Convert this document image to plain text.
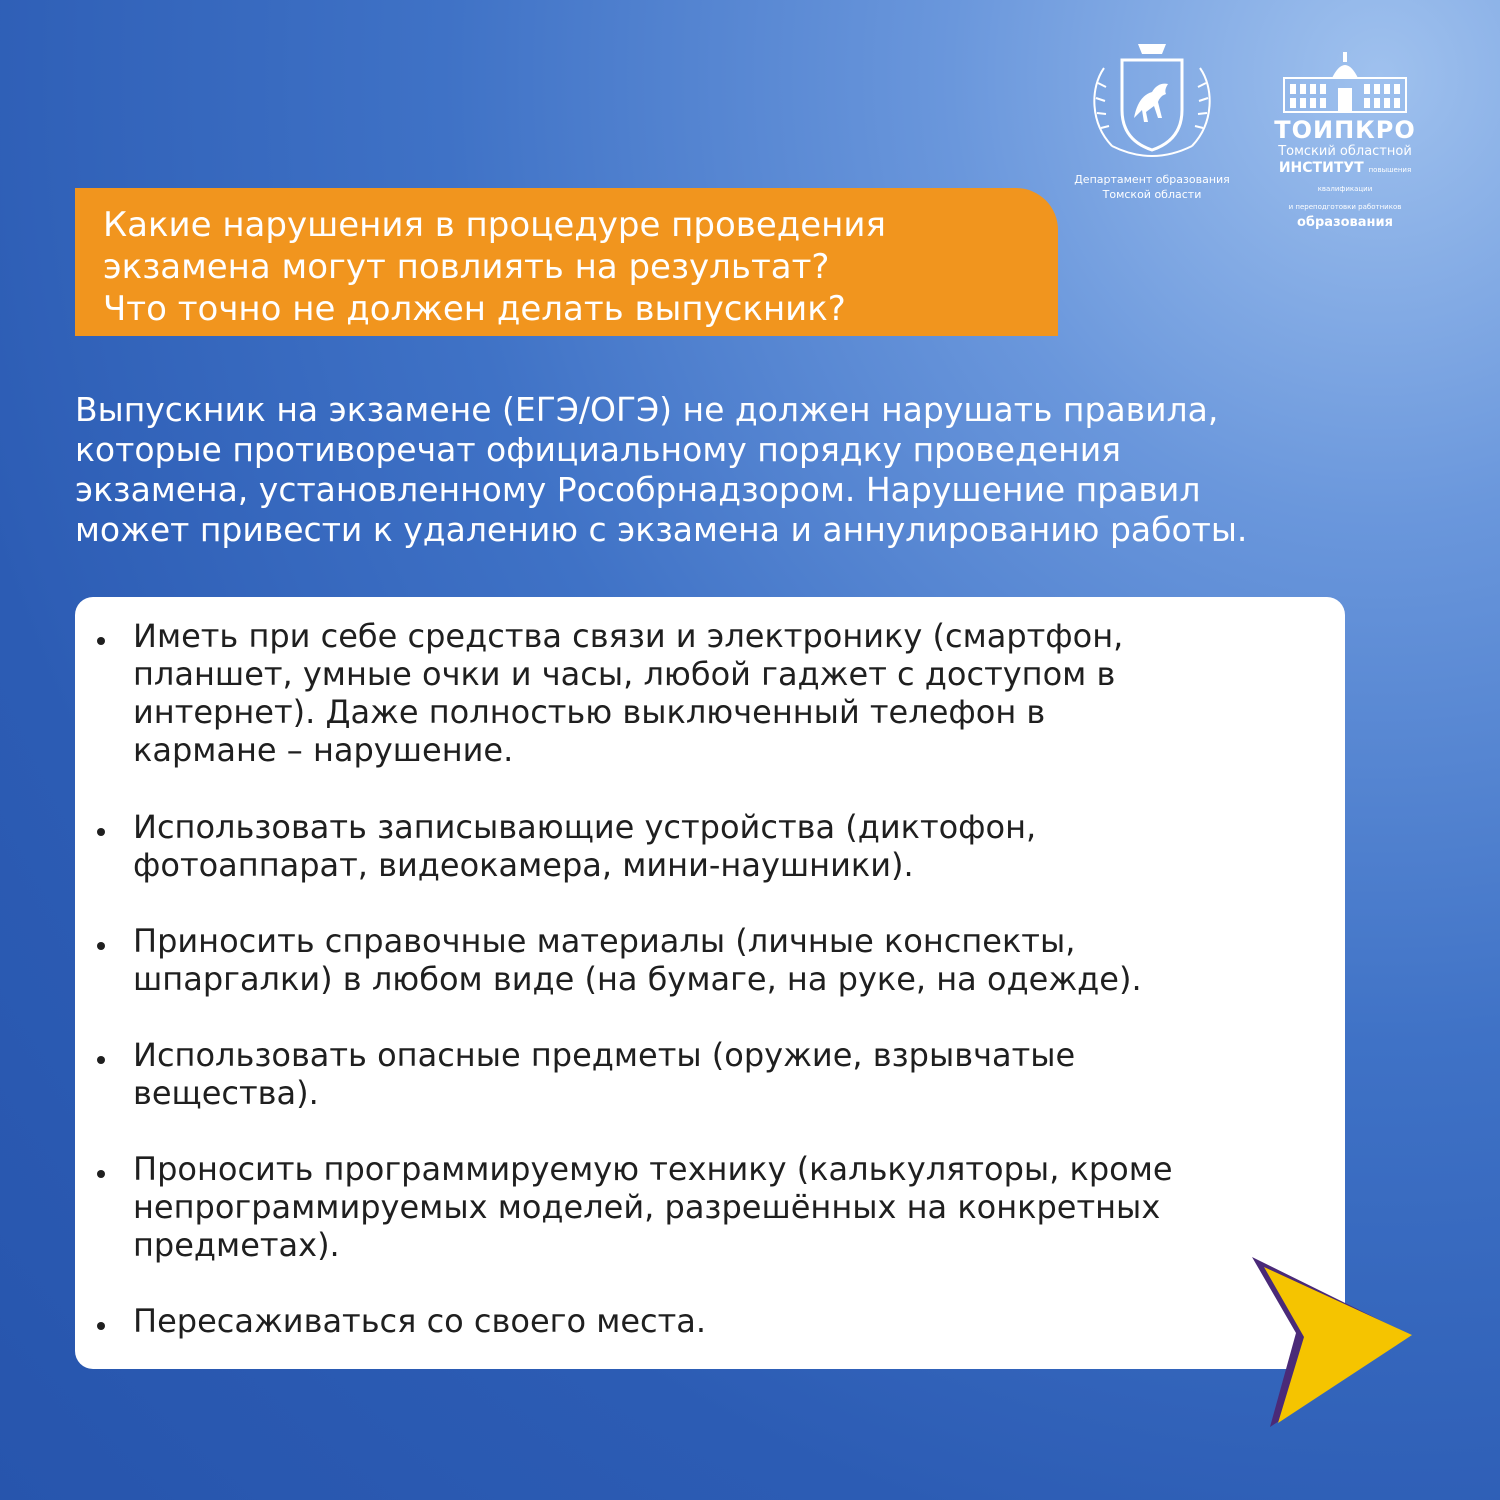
Департамент образования
Томской области
ТОИПКРО
Томский областной
ИНСТИТУТ повышения квалификации
и переподготовки работников образования
Какие нарушения в процедуре проведения
экзамена могут повлиять на результат?
Что точно не должен делать выпускник?
Выпускник на экзамене (ЕГЭ/ОГЭ) не должен нарушать правила,
которые противоречат официальному порядку проведения
экзамена, установленному Рособрнадзором. Нарушение правил
может привести к удалению с экзамена и аннулированию работы.
Иметь при себе средства связи и электронику (смартфон,
планшет, умные очки и часы, любой гаджет с доступом в
интернет). Даже полностью выключенный телефон в
кармане – нарушение.
Использовать записывающие устройства (диктофон,
фотоаппарат, видеокамера, мини-наушники).
Приносить справочные материалы (личные конспекты,
шпаргалки) в любом виде (на бумаге, на руке, на одежде).
Использовать опасные предметы (оружие, взрывчатые
вещества).
Проносить программируемую технику (калькуляторы, кроме
непрограммируемых моделей, разрешённых на конкретных
предметах).
Пересаживаться со своего места.
